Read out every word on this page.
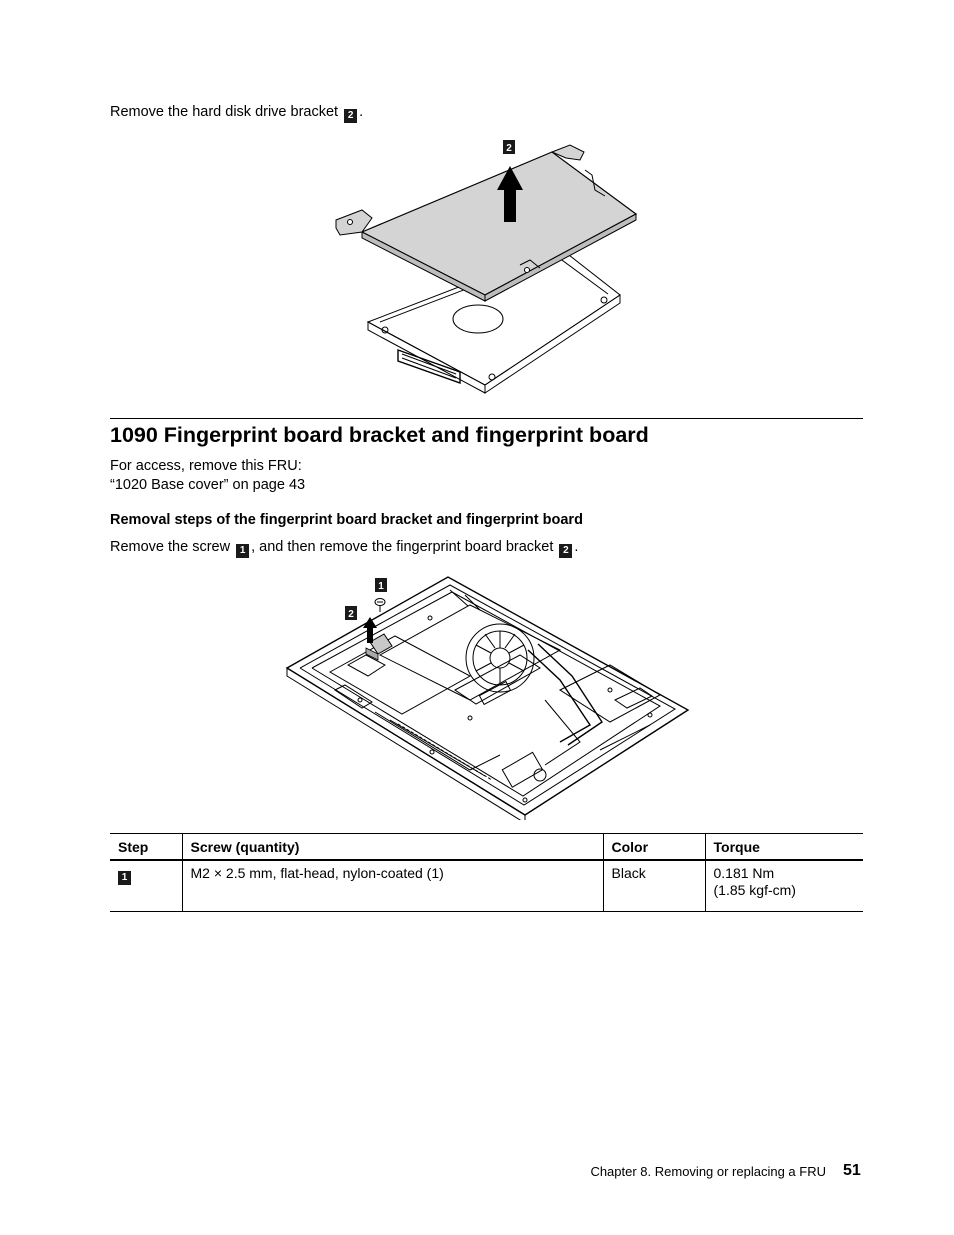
Remove the hard disk drive bracket 2 .
2
1090 Fingerprint board bracket and fingerprint board
For access, remove this FRU:
“1020 Base cover” on page 43
Removal steps of the fingerprint board bracket and fingerprint board
Remove the screw 1 , and then remove the fingerprint board bracket 2 .
1
2
Step	Screw (quantity)	Color	Torque
1	M2 × 2.5 mm, flat-head, nylon-coated (1)	Black	0.181 Nm
(1.85 kgf-cm)
Chapter 8. Removing or replacing a FRU 51
